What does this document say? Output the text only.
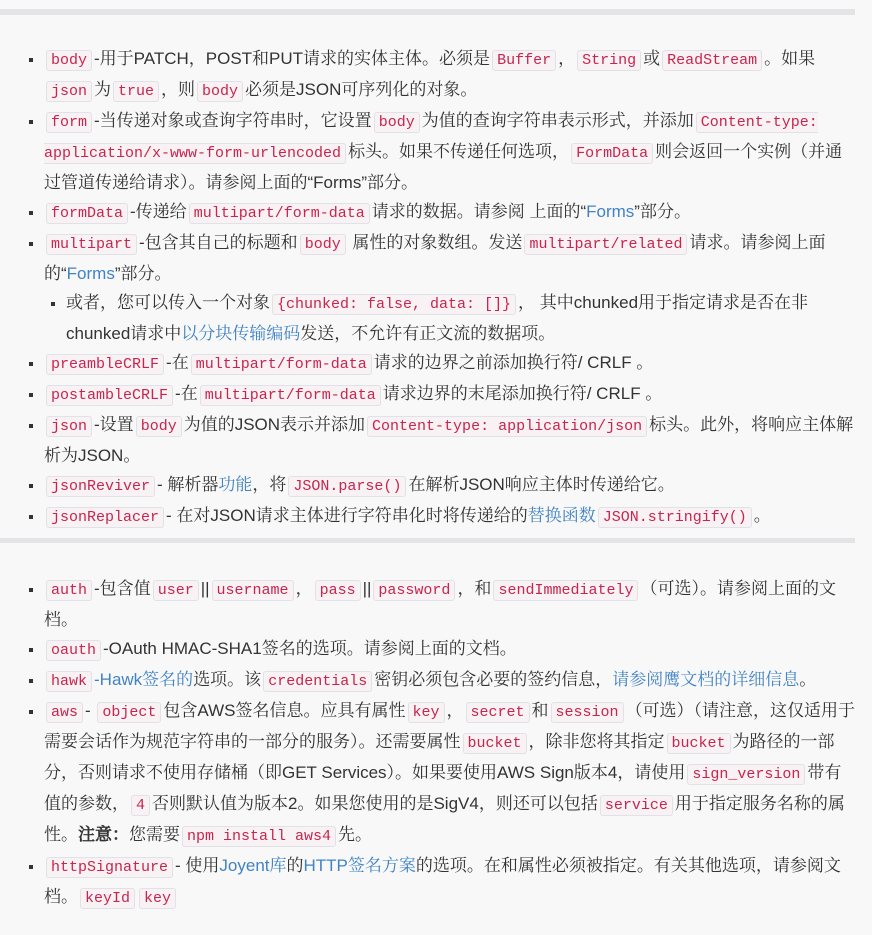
▪ body -用于PATCH，POST和PUT请求的实体主体。必须是 Buffer ， String 或 ReadStream 。如果json 为 true ，则 body 必须是JSON可序列化的对象。
▪ form -当传递对象或查询字符串时，它设置 body 为值的查询字符串表示形式，并添加 Content-type: application/x-www-form-urlencoded 标头。如果不传递任何选项， FormData 则会返回一个实例（并通过管道传递给请求）。请参阅上面的“Forms”部分。
▪ formData -传递给 multipart/form-data 请求的数据。请参阅 上面的“Forms”部分。
▪ multipart -包含其自己的标题和 body 属性的对象数组。发送 multipart/related 请求。请参阅上面的“Forms”部分。
▪ 或者，您可以传入一个对象 {chunked: false, data: []} ， 其中chunked用于指定请求是否在非chunked请求中以分块传输编码发送，不允许有正文流的数据项。
▪ preambleCRLF -在 multipart/form-data 请求的边界之前添加换行符/ CRLF 。
▪ postambleCRLF -在 multipart/form-data 请求边界的末尾添加换行符/ CRLF 。
▪ json -设置 body 为值的JSON表示并添加 Content-type: application/json 标头。此外，将响应主体解析为JSON。
▪ jsonReviver - 解析器功能，将 JSON.parse() 在解析JSON响应主体时传递给它。
▪ jsonReplacer - 在对JSON请求主体进行字符串化时将传递给的替换函数 JSON.stringify() 。
▪ auth -包含值 user || username ， pass || password ，和 sendImmediately （可选）。请参阅上面的文档。
▪ oauth -OAuth HMAC-SHA1签名的选项。请参阅上面的文档。
▪ hawk -Hawk签名的选项。该 credentials 密钥必须包含必要的签约信息，请参阅鹰文档的详细信息。
▪ aws - object 包含AWS签名信息。应具有属性 key ， secret 和 session （可选）（请注意，这仅适用于需要会话作为规范字符串的一部分的服务）。还需要属性 bucket ，除非您将其指定 bucket 为路径的一部分，否则请求不使用存储桶（即GET Services）。如果要使用AWS Sign版本4，请使用 sign_version 带有值的参数， 4 否则默认值为版本2。如果您使用的是SigV4，则还可以包括 service 用于指定服务名称的属性。注意：您需要 npm install aws4 先。
▪ httpSignature - 使用Joyent库的HTTP签名方案的选项。在和属性必须被指定。有关其他选项，请参阅文档。 keyId key
